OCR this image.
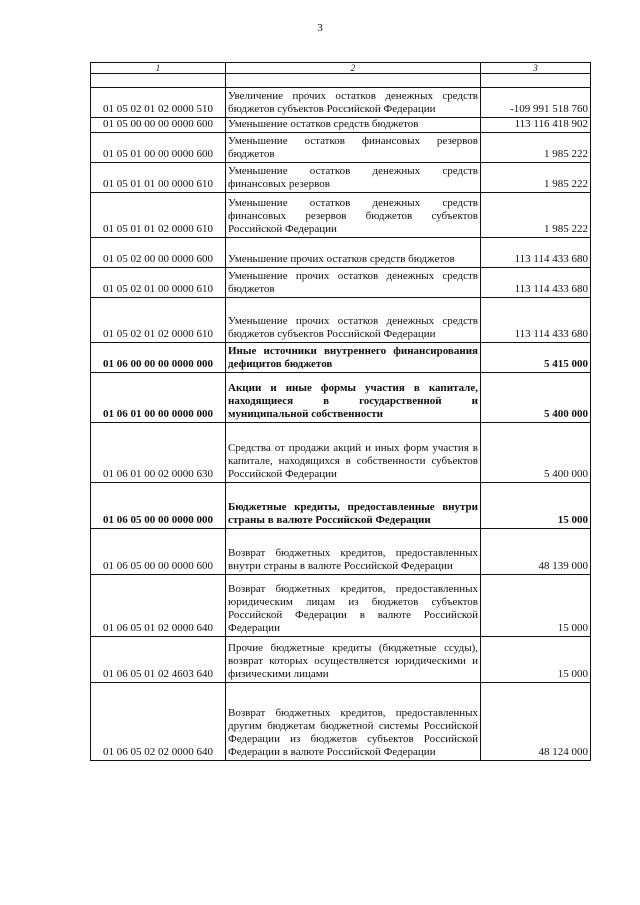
3
1	2	3

01 05 02 01 02 0000 510	Увеличение прочих остатков денежных средств бюджетов субъектов Российской Федерации	-109 991 518 760
01 05 00 00 00 0000 600	Уменьшение остатков средств бюджетов	113 116 418 902
01 05 01 00 00 0000 600	Уменьшение остатков финансовых резервов бюджетов	1 985 222
01 05 01 01 00 0000 610	Уменьшение остатков денежных средств финансовых резервов	1 985 222
01 05 01 01 02 0000 610	Уменьшение остатков денежных средств финансовых резервов бюджетов субъектов Российской Федерации	1 985 222
01 05 02 00 00 0000 600	Уменьшение прочих остатков средств бюджетов	113 114 433 680
01 05 02 01 00 0000 610	Уменьшение прочих остатков денежных средств бюджетов	113 114 433 680
01 05 02 01 02 0000 610	Уменьшение прочих остатков денежных средств бюджетов субъектов Российской Федерации	113 114 433 680
01 06 00 00 00 0000 000	Иные источники внутреннего финансирования дефицитов бюджетов	5 415 000
01 06 01 00 00 0000 000	Акции и иные формы участия в капитале, находящиеся в государственной и муниципальной собственности	5 400 000
01 06 01 00 02 0000 630	Средства от продажи акций и иных форм участия в капитале, находящихся в собственности субъектов Российской Федерации	5 400 000
01 06 05 00 00 0000 000	Бюджетные кредиты, предоставленные внутри страны в валюте Российской Федерации	15 000
01 06 05 00 00 0000 600	Возврат бюджетных кредитов, предоставленных внутри страны в валюте Российской Федерации	48 139 000
01 06 05 01 02 0000 640	Возврат бюджетных кредитов, предоставленных юридическим лицам из бюджетов субъектов Российской Федерации в валюте Российской Федерации	15 000
01 06 05 01 02 4603 640	Прочие бюджетные кредиты (бюджетные ссуды), возврат которых осуществляется юридическими и физическими лицами	15 000
01 06 05 02 02 0000 640	Возврат бюджетных кредитов, предоставленных другим бюджетам бюджетной системы Российской Федерации из бюджетов субъектов Российской Федерации в валюте Российской Федерации	48 124 000
